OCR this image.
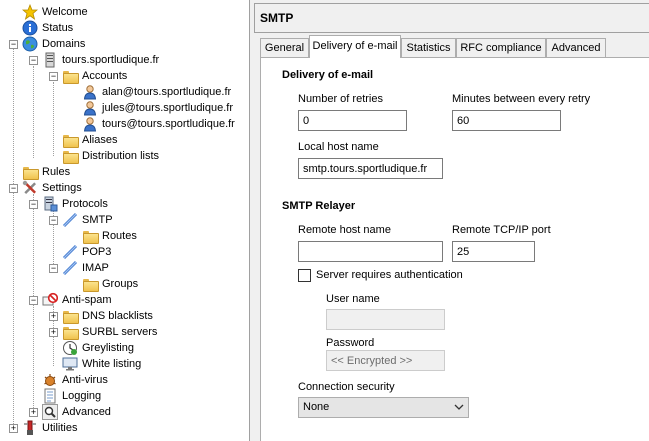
Welcome
Status
− Domains
− tours.sportludique.fr
− Accounts
alan@tours.sportludique.fr
jules@tours.sportludique.fr
tours@tours.sportludique.fr
Aliases
Distribution lists
Rules
− Settings
− Protocols
− SMTP
Routes
POP3
− IMAP
Groups
− Anti-spam
+ DNS blacklists
+ SURBL servers
Greylisting
White listing
Anti-virus
Logging
+ Advanced
+ Utilities
SMTP
General Delivery of e-mail Statistics RFC compliance Advanced
Delivery of e-mail
Number of retries
0	Minutes between every retry
60
Local host name
smtp.tours.sportludique.fr
SMTP Relayer
Remote host name	Remote TCP/IP port
25
Server requires authentication
User name
Password
<< Encrypted >>
Connection security
None
